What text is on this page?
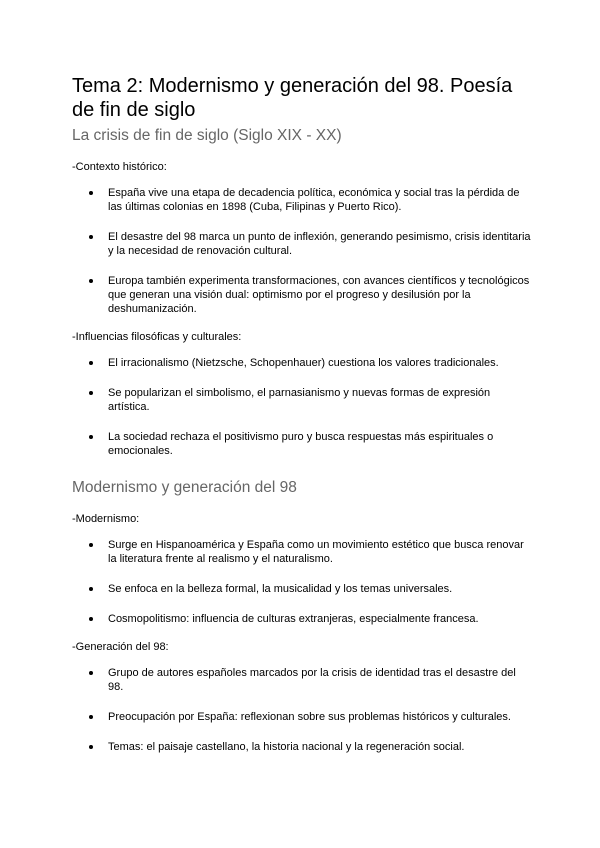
Tema 2: Modernismo y generación del 98. Poesía de fin de siglo
La crisis de fin de siglo (Siglo XIX - XX)

-Contexto histórico:

España vive una etapa de decadencia política, económica y social tras la pérdida de las últimas colonias en 1898 (Cuba, Filipinas y Puerto Rico).
El desastre del 98 marca un punto de inflexión, generando pesimismo, crisis identitaria y la necesidad de renovación cultural.
Europa también experimenta transformaciones, con avances científicos y tecnológicos que generan una visión dual: optimismo por el progreso y desilusión por la deshumanización.

-Influencias filosóficas y culturales:

El irracionalismo (Nietzsche, Schopenhauer) cuestiona los valores tradicionales.
Se popularizan el simbolismo, el parnasianismo y nuevas formas de expresión artística.
La sociedad rechaza el positivismo puro y busca respuestas más espirituales o emocionales.
Modernismo y generación del 98

-Modernismo:

Surge en Hispanoamérica y España como un movimiento estético que busca renovar la literatura frente al realismo y el naturalismo.
Se enfoca en la belleza formal, la musicalidad y los temas universales.
Cosmopolitismo: influencia de culturas extranjeras, especialmente francesa.

-Generación del 98:

Grupo de autores españoles marcados por la crisis de identidad tras el desastre del 98.
Preocupación por España: reflexionan sobre sus problemas históricos y culturales.
Temas: el paisaje castellano, la historia nacional y la regeneración social.
